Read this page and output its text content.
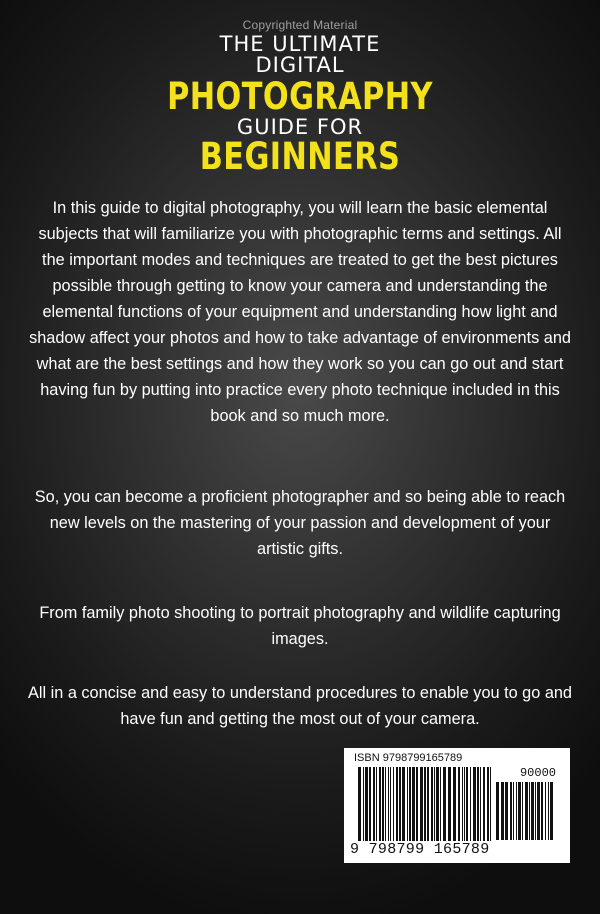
Copyrighted Material
THE ULTIMATE
DIGITAL
PHOTOGRAPHY
GUIDE FOR
BEGINNERS

In this guide to digital photography, you will learn the basic elemental subjects that will familiarize you with photographic terms and settings. All the important modes and techniques are treated to get the best pictures possible through getting to know your camera and understanding the elemental functions of your equipment and understanding how light and shadow affect your photos and how to take advantage of environments and what are the best settings and how they work so you can go out and start having fun by putting into practice every photo technique included in this book and so much more.

So, you can become a proficient photographer and so being able to reach new levels on the mastering of your passion and development of your artistic gifts.

From family photo shooting to portrait photography and wildlife capturing images.

All in a concise and easy to understand procedures to enable you to go and have fun and getting the most out of your camera.

ISBN 9798799165789
90000
9 798799 165789
